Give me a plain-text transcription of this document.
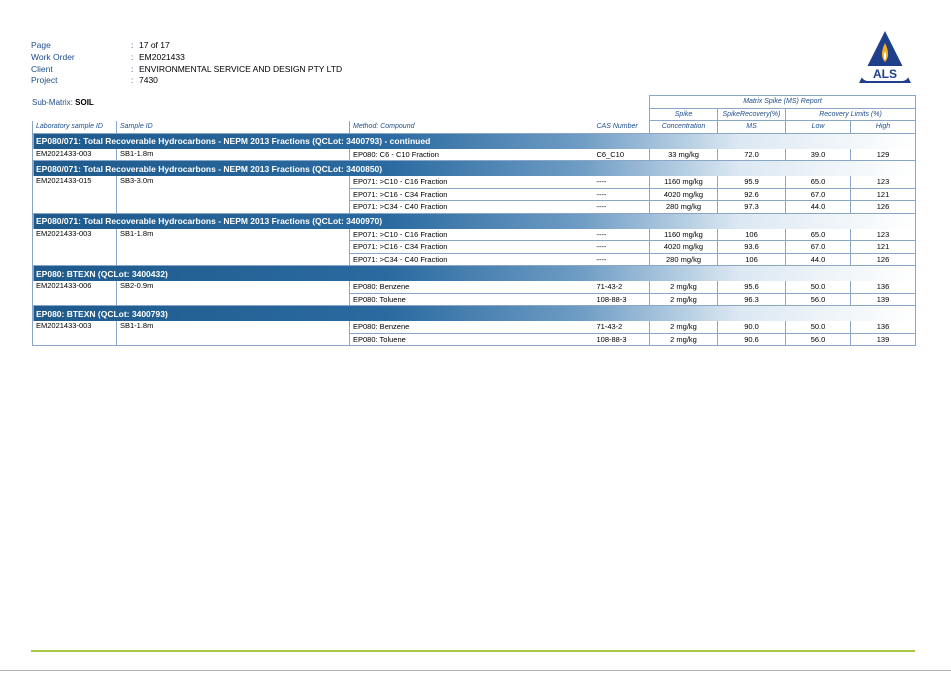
Page	: 17 of 17
Work Order	: EM2021433
Client	: ENVIRONMENTAL SERVICE AND DESIGN PTY LTD
Project	: 7430	ALS
Sub-Matrix: SOIL
				Matrix Spike (MS) Report			
				Spike	SpikeRecovery(%)	Recovery Limits (%)	
Laboratory sample ID	Sample ID	Method: Compound	CAS Number	Concentration	MS	Low	High
EP080/071: Total Recoverable Hydrocarbons - NEPM 2013 Fractions (QCLot: 3400793) - continued							
EM2021433-003	SB1-1.8m	EP080: C6 - C10 Fraction	C6_C10	33 mg/kg	72.0	39.0	129
EP080/071: Total Recoverable Hydrocarbons - NEPM 2013 Fractions (QCLot: 3400850)							
EM2021433-015	SB3-3.0m	EP071: >C10 - C16 Fraction	----	1160 mg/kg	95.9	65.0	123
		EP071: >C16 - C34 Fraction	----	4020 mg/kg	92.6	67.0	121
		EP071: >C34 - C40 Fraction	----	280 mg/kg	97.3	44.0	126
EP080/071: Total Recoverable Hydrocarbons - NEPM 2013 Fractions (QCLot: 3400970)							
EM2021433-003	SB1-1.8m	EP071: >C10 - C16 Fraction	----	1160 mg/kg	106	65.0	123
		EP071: >C16 - C34 Fraction	----	4020 mg/kg	93.6	67.0	121
		EP071: >C34 - C40 Fraction	----	280 mg/kg	106	44.0	126
EP080: BTEXN (QCLot: 3400432)							
EM2021433-006	SB2-0.9m	EP080: Benzene	71-43-2	2 mg/kg	95.6	50.0	136
		EP080: Toluene	108-88-3	2 mg/kg	96.3	56.0	139
EP080: BTEXN (QCLot: 3400793)							
EM2021433-003	SB1-1.8m	EP080: Benzene	71-43-2	2 mg/kg	90.0	50.0	136
		EP080: Toluene	108-88-3	2 mg/kg	90.6	56.0	139
